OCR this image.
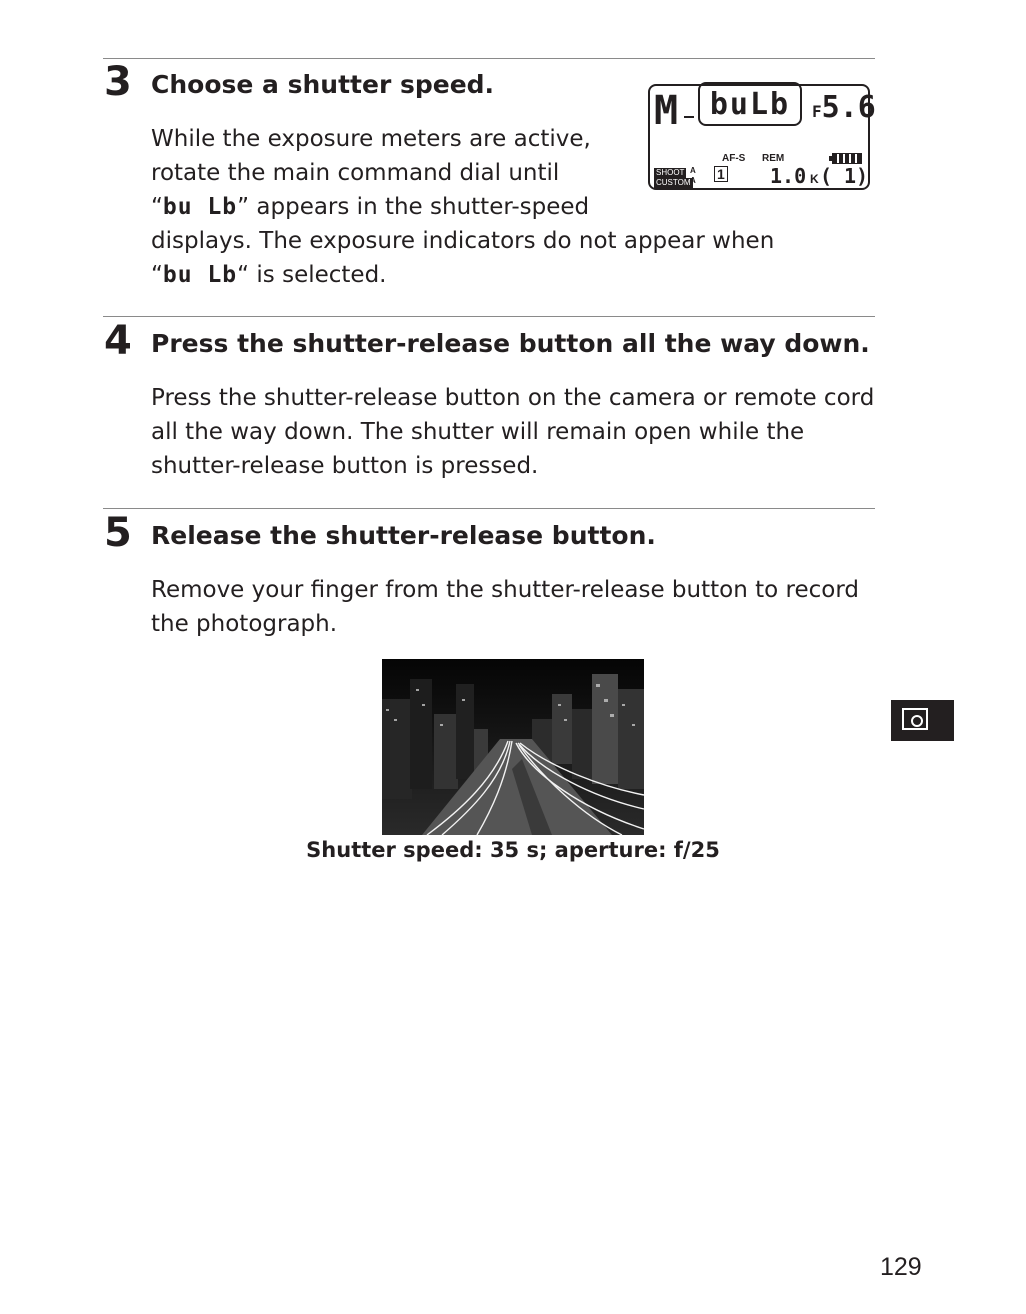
3 Choose a shutter speed.
While the exposure meters are active,
rotate the main command dial until
“bu Lb” appears in the shutter-speed
displays. The exposure indicators do not appear when
“bu Lb“ is selected.
M	buLb	F5.6
AF-S REM
SHOOT
CUSTOM
A
A 1 1.0 K ( 1)
4 Press the shutter-release button all the way down.
Press the shutter-release button on the camera or remote cord
all the way down. The shutter will remain open while the
shutter-release button is pressed.
5 Release the shutter-release button.
Remove your finger from the shutter-release button to record
the photograph.
Shutter speed: 35 s; aperture: f/25
129
